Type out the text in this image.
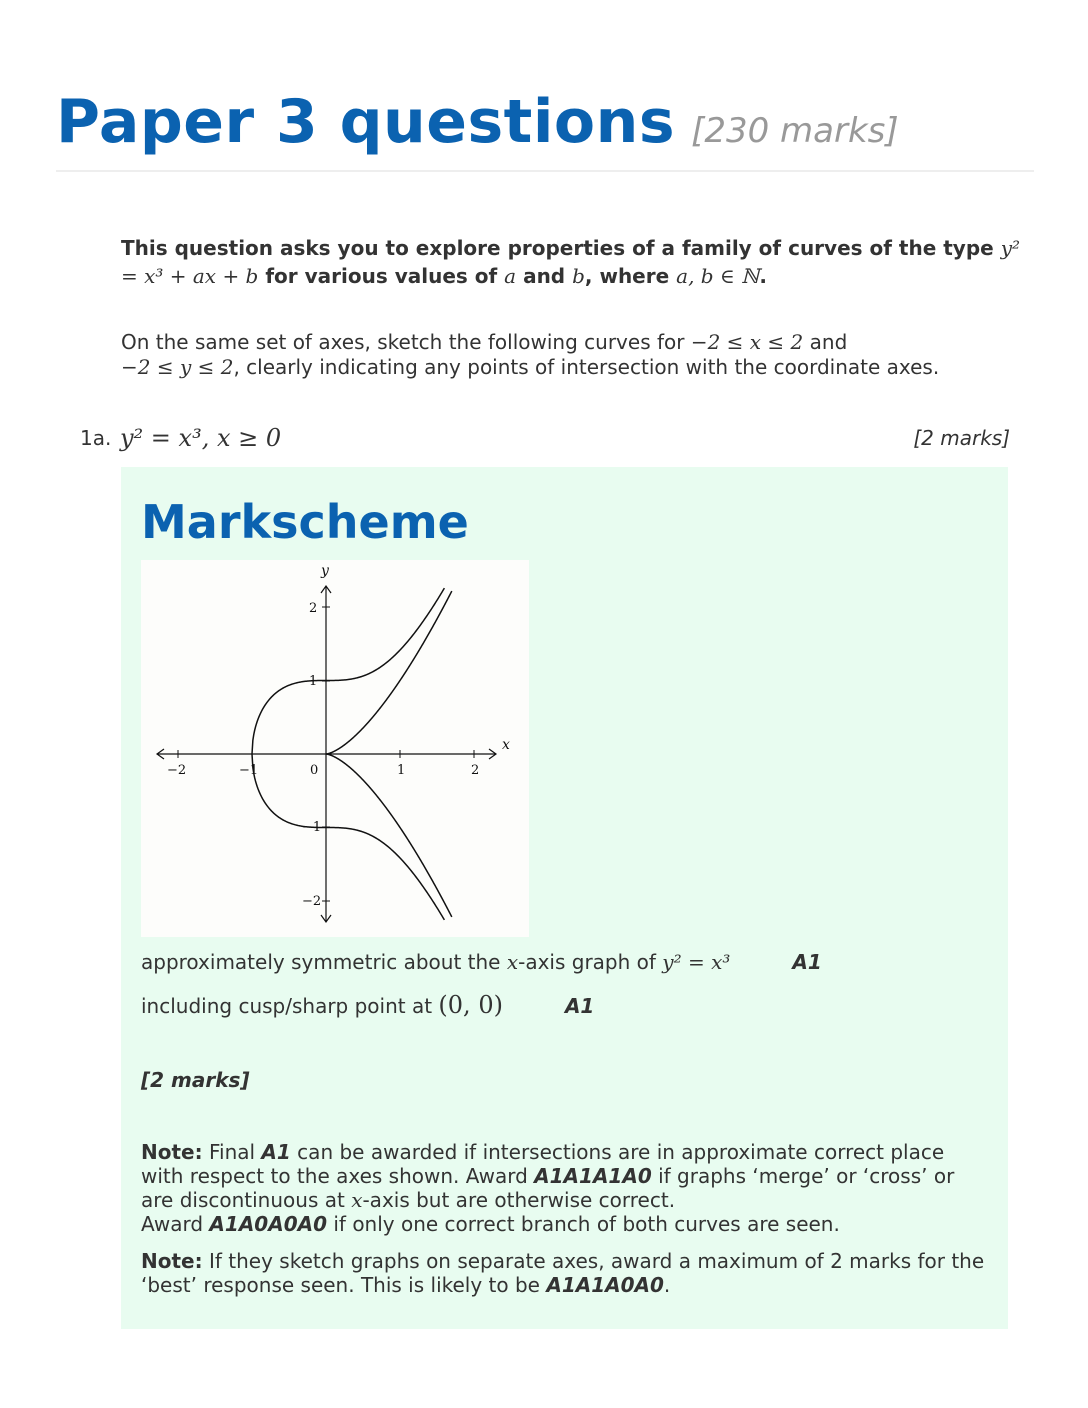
Paper 3 questions [230 marks]
This question asks you to explore properties of a family of curves of the type y² = x³ + ax + b for various values of a and b, where a, b ∈ ℕ.
On the same set of axes, sketch the following curves for −2 ≤ x ≤ 2 and
−2 ≤ y ≤ 2, clearly indicating any points of intersection with the coordinate axes.
1a. y² = x³, x ≥ 0	[2 marks]
Markscheme
−2	−1	0	1	2
2
1
−1
−2
x
y
approximately symmetric about the x-axis graph of y² = x³	A1
including cusp/sharp point at (0, 0)	A1
[2 marks]
Note: Final A1 can be awarded if intersections are in approximate correct place with respect to the axes shown. Award A1A1A1A0 if graphs ‘merge’ or ‘cross’ or are discontinuous at x-axis but are otherwise correct.
Award A1A0A0A0 if only one correct branch of both curves are seen.
Note: If they sketch graphs on separate axes, award a maximum of 2 marks for the ‘best’ response seen. This is likely to be A1A1A0A0.
